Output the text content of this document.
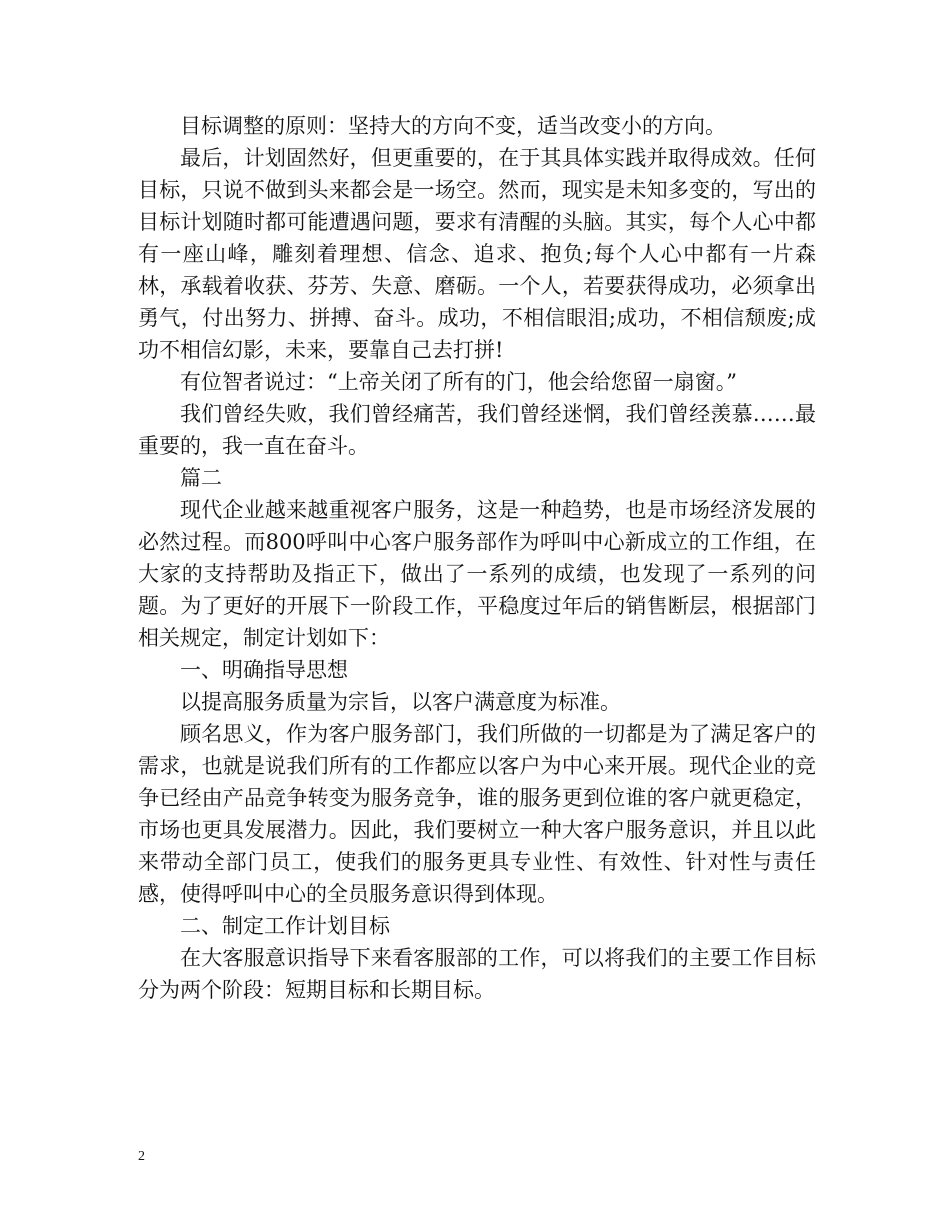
目标调整的原则：坚持大的方向不变，适当改变小的方向。

最后，计划固然好，但更重要的，在于其具体实践并取得成效。任何目标，只说不做到头来都会是一场空。然而，现实是未知多变的，写出的目标计划随时都可能遭遇问题，要求有清醒的头脑。其实，每个人心中都有一座山峰，雕刻着理想、信念、追求、抱负;每个人心中都有一片森林，承载着收获、芬芳、失意、磨砺。一个人，若要获得成功，必须拿出勇气，付出努力、拼搏、奋斗。成功，不相信眼泪;成功，不相信颓废;成功不相信幻影，未来，要靠自己去打拼!

有位智者说过：“上帝关闭了所有的门，他会给您留一扇窗。”

我们曾经失败，我们曾经痛苦，我们曾经迷惘，我们曾经羡慕……最重要的，我一直在奋斗。

篇二

现代企业越来越重视客户服务，这是一种趋势，也是市场经济发展的必然过程。而800呼叫中心客户服务部作为呼叫中心新成立的工作组，在大家的支持帮助及指正下，做出了一系列的成绩，也发现了一系列的问题。为了更好的开展下一阶段工作，平稳度过年后的销售断层，根据部门相关规定，制定计划如下：

一、明确指导思想

以提高服务质量为宗旨，以客户满意度为标准。

顾名思义，作为客户服务部门，我们所做的一切都是为了满足客户的需求，也就是说我们所有的工作都应以客户为中心来开展。现代企业的竞争已经由产品竞争转变为服务竞争，谁的服务更到位谁的客户就更稳定，市场也更具发展潜力。因此，我们要树立一种大客户服务意识，并且以此来带动全部门员工，使我们的服务更具专业性、有效性、针对性与责任感，使得呼叫中心的全员服务意识得到体现。

二、制定工作计划目标

在大客服意识指导下来看客服部的工作，可以将我们的主要工作目标分为两个阶段：短期目标和长期目标。

2
